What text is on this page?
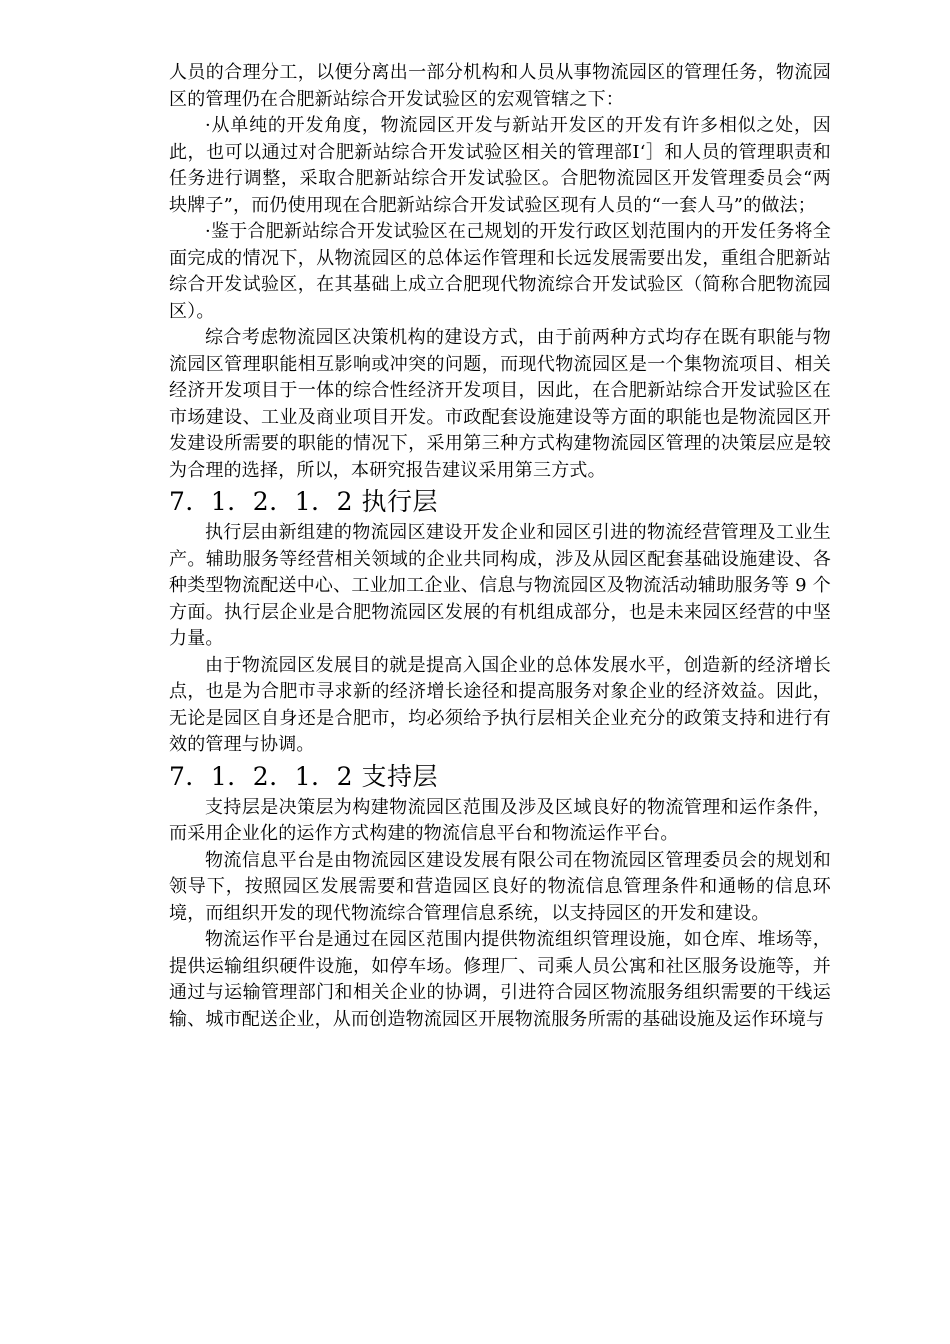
人员的合理分工，以便分离出一部分机构和人员从事物流园区的管理任务，物流园区的管理仍在合肥新站综合开发试验区的宏观管辖之下：

·从单纯的开发角度，物流园区开发与新站开发区的开发有许多相似之处，因此，也可以通过对合肥新站综合开发试验区相关的管理部Ι‘］和人员的管理职责和任务进行调整，采取合肥新站综合开发试验区。合肥物流园区开发管理委员会“两块牌子”，而仍使用现在合肥新站综合开发试验区现有人员的“一套人马”的做法；

·鉴于合肥新站综合开发试验区在己规划的开发行政区划范围内的开发任务将全面完成的情况下，从物流园区的总体运作管理和长远发展需要出发，重组合肥新站综合开发试验区，在其基础上成立合肥现代物流综合开发试验区（简称合肥物流园区）。

综合考虑物流园区决策机构的建设方式，由于前两种方式均存在既有职能与物流园区管理职能相互影响或冲突的问题，而现代物流园区是一个集物流项目、相关经济开发项目于一体的综合性经济开发项目，因此，在合肥新站综合开发试验区在市场建设、工业及商业项目开发。市政配套设施建设等方面的职能也是物流园区开发建设所需要的职能的情况下，采用第三种方式构建物流园区管理的决策层应是较为合理的选择，所以，本研究报告建议采用第三方式。

7．1．2．1．2 执行层

执行层由新组建的物流园区建设开发企业和园区引进的物流经营管理及工业生产。辅助服务等经营相关领域的企业共同构成，涉及从园区配套基础设施建设、各种类型物流配送中心、工业加工企业、信息与物流园区及物流活动辅助服务等 9 个方面。执行层企业是合肥物流园区发展的有机组成部分，也是未来园区经营的中坚力量。

由于物流园区发展目的就是提高入国企业的总体发展水平，创造新的经济增长点，也是为合肥市寻求新的经济增长途径和提高服务对象企业的经济效益。因此，无论是园区自身还是合肥市，均必须给予执行层相关企业充分的政策支持和进行有效的管理与协调。

7．1．2．1．2 支持层

支持层是决策层为构建物流园区范围及涉及区域良好的物流管理和运作条件，而采用企业化的运作方式构建的物流信息平台和物流运作平台。

物流信息平台是由物流园区建设发展有限公司在物流园区管理委员会的规划和领导下，按照园区发展需要和营造园区良好的物流信息管理条件和通畅的信息环境，而组织开发的现代物流综合管理信息系统，以支持园区的开发和建设。

物流运作平台是通过在园区范围内提供物流组织管理设施，如仓库、堆场等，提供运输组织硬件设施，如停车场。修理厂、司乘人员公寓和社区服务设施等，并通过与运输管理部门和相关企业的协调，引进符合园区物流服务组织需要的干线运输、城市配送企业，从而创造物流园区开展物流服务所需的基础设施及运作环境与
